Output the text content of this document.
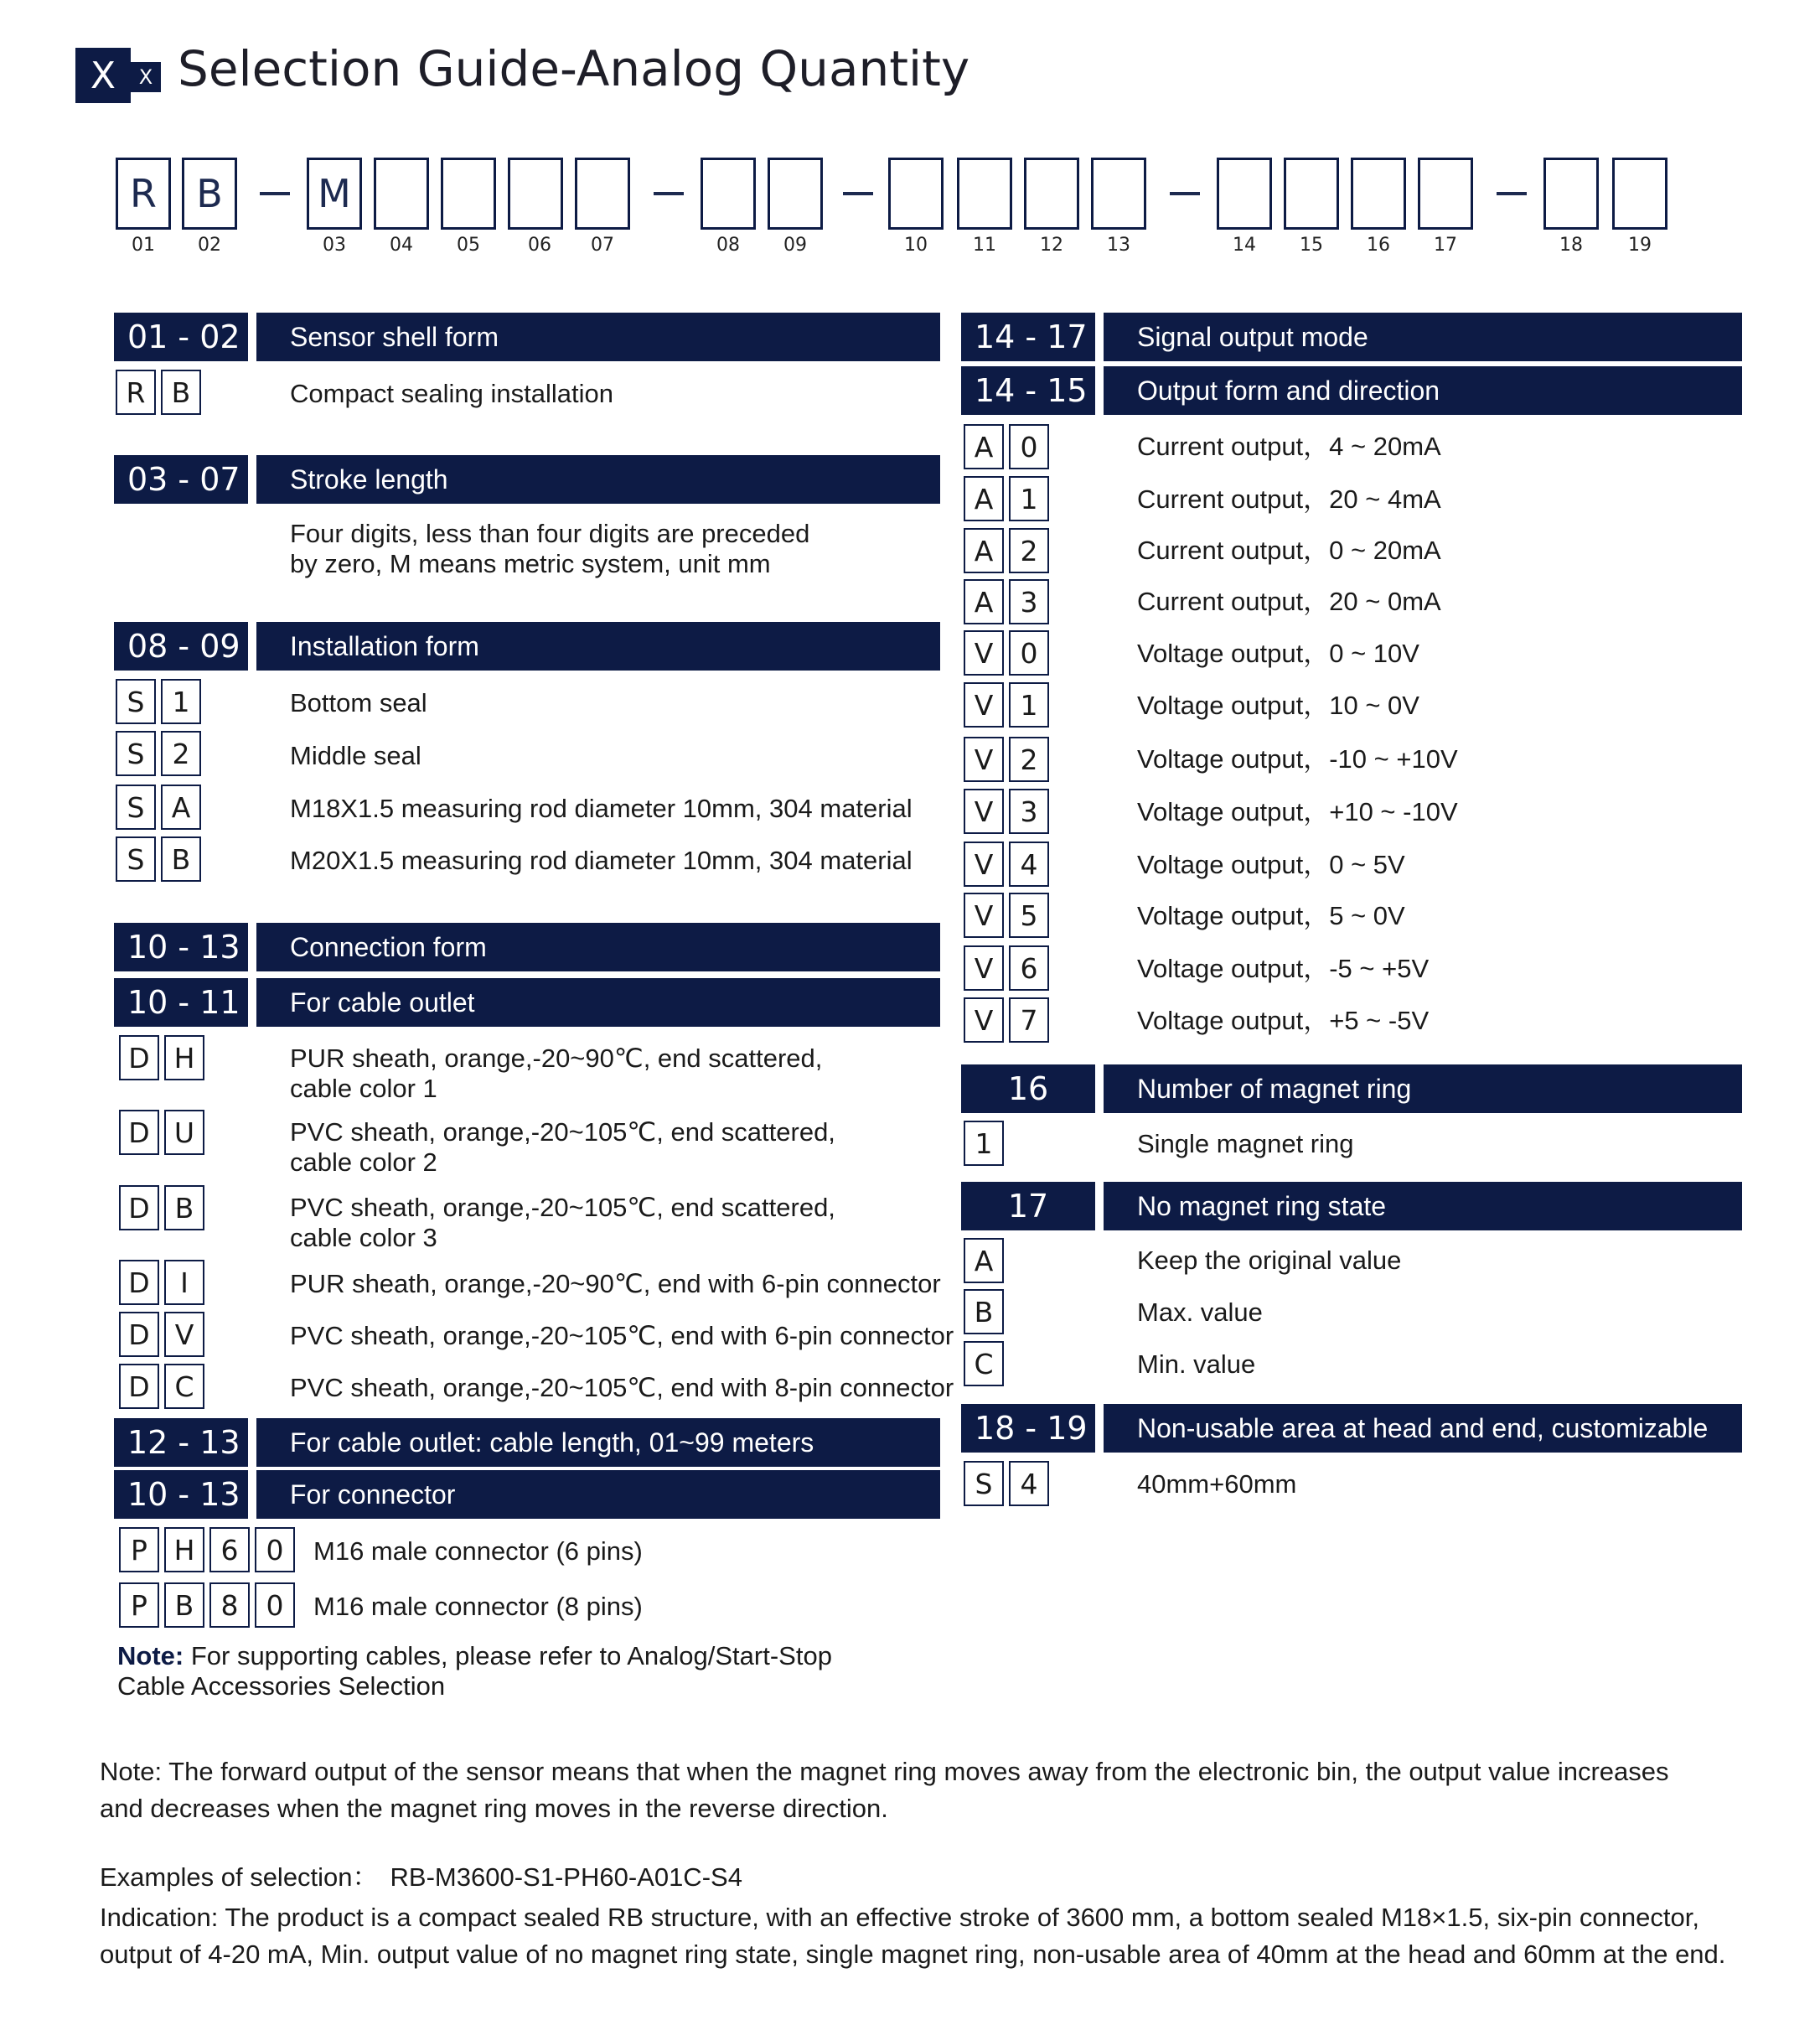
X	X Selection Guide-Analog Quantity
R	B	M
01	02	03	04	05	06	07	08	09	10	11	12	13	14	15	16	17	18	19
01 - 02	Sensor shell form
R B	Compact sealing installation
03 - 07	Stroke length
Four digits, less than four digits are preceded
by zero, M means metric system, unit mm
08 - 09	Installation form
S	1	Bottom seal
S	2	Middle seal
S A	M18X1.5 measuring rod diameter 10mm, 304 material
S B	M20X1.5 measuring rod diameter 10mm, 304 material
10 - 13	Connection form
10 - 11	For cable outlet
D H	PUR sheath, orange,-20~90℃, end scattered,
cable color 1
D U	PVC sheath, orange,-20~105℃, end scattered,
cable color 2
D B	PVC sheath, orange,-20~105℃, end scattered,
cable color 3
D	I	PUR sheath, orange,-20~90℃, end with 6-pin connector
D V	PVC sheath, orange,-20~105℃, end with 6-pin connector
D C	PVC sheath, orange,-20~105℃, end with 8-pin connector
12 - 13	For cable outlet: cable length, 01~99 meters
10 - 13	For connector
P H 6	0	M16 male connector (6 pins)
P B 8	0	M16 male connector (8 pins)
Note: For supporting cables, please refer to Analog/Start-Stop
Cable Accessories Selection
14 - 17	Signal output mode
14 - 15	Output form and direction
A 0	Current output，4 ~ 20mA
A 1	Current output，20 ~ 4mA
A 2	Current output，0 ~ 20mA
A 3	Current output，20 ~ 0mA
V 0	Voltage output，0 ~ 10V
V 1	Voltage output，10 ~ 0V
V 2	Voltage output，-10 ~ +10V
V 3	Voltage output，+10 ~ -10V
V 4	Voltage output，0 ~ 5V
V 5	Voltage output，5 ~ 0V
V 6	Voltage output，-5 ~ +5V
V 7	Voltage output，+5 ~ -5V
16	Number of magnet ring
1	Single magnet ring
17	No magnet ring state
A	Keep the original value
B	Max. value
C	Min. value
18 - 19	Non-usable area at head and end, customizable
S	4	40mm+60mm
Note: The forward output of the sensor means that when the magnet ring moves away from the electronic bin, the output value increases
and decreases when the magnet ring moves in the reverse direction.
Examples of selection： RB-M3600-S1-PH60-A01C-S4
Indication: The product is a compact sealed RB structure, with an effective stroke of 3600 mm, a bottom sealed M18×1.5, six-pin connector,
output of 4-20 mA, Min. output value of no magnet ring state, single magnet ring, non-usable area of 40mm at the head and 60mm at the end.
